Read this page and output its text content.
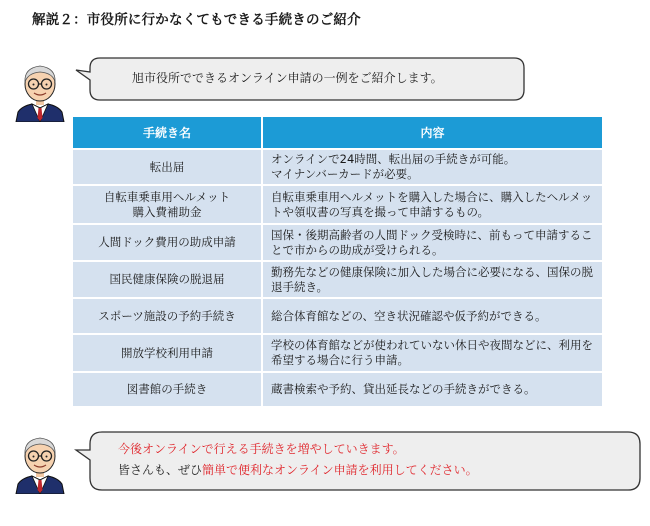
解説２：市役所に行かなくてもできる手続きのご紹介
旭市役所でできるオンライン申請の一例をご紹介します。
手続き名	内容
転出届	オンラインで24時間、転出届の手続きが可能。
マイナンバーカードが必要。
自転車乗車用ヘルメット
購入費補助金	自転車乗車用ヘルメットを購入した場合に、購入したヘルメットや領収書の写真を撮って申請するもの。
人間ドック費用の助成申請	国保・後期高齢者の人間ドック受検時に、前もって申請することで市からの助成が受けられる。
国民健康保険の脱退届	勤務先などの健康保険に加入した場合に必要になる、国保の脱退手続き。
スポーツ施設の予約手続き	総合体育館などの、空き状況確認や仮予約ができる。
開放学校利用申請	学校の体育館などが使われていない休日や夜間などに、利用を希望する場合に行う申請。
図書館の手続き	蔵書検索や予約、貸出延長などの手続きができる。
今後オンラインで行える手続きを増やしていきます。
皆さんも、ぜひ簡単で便利なオンライン申請を利用してください。
